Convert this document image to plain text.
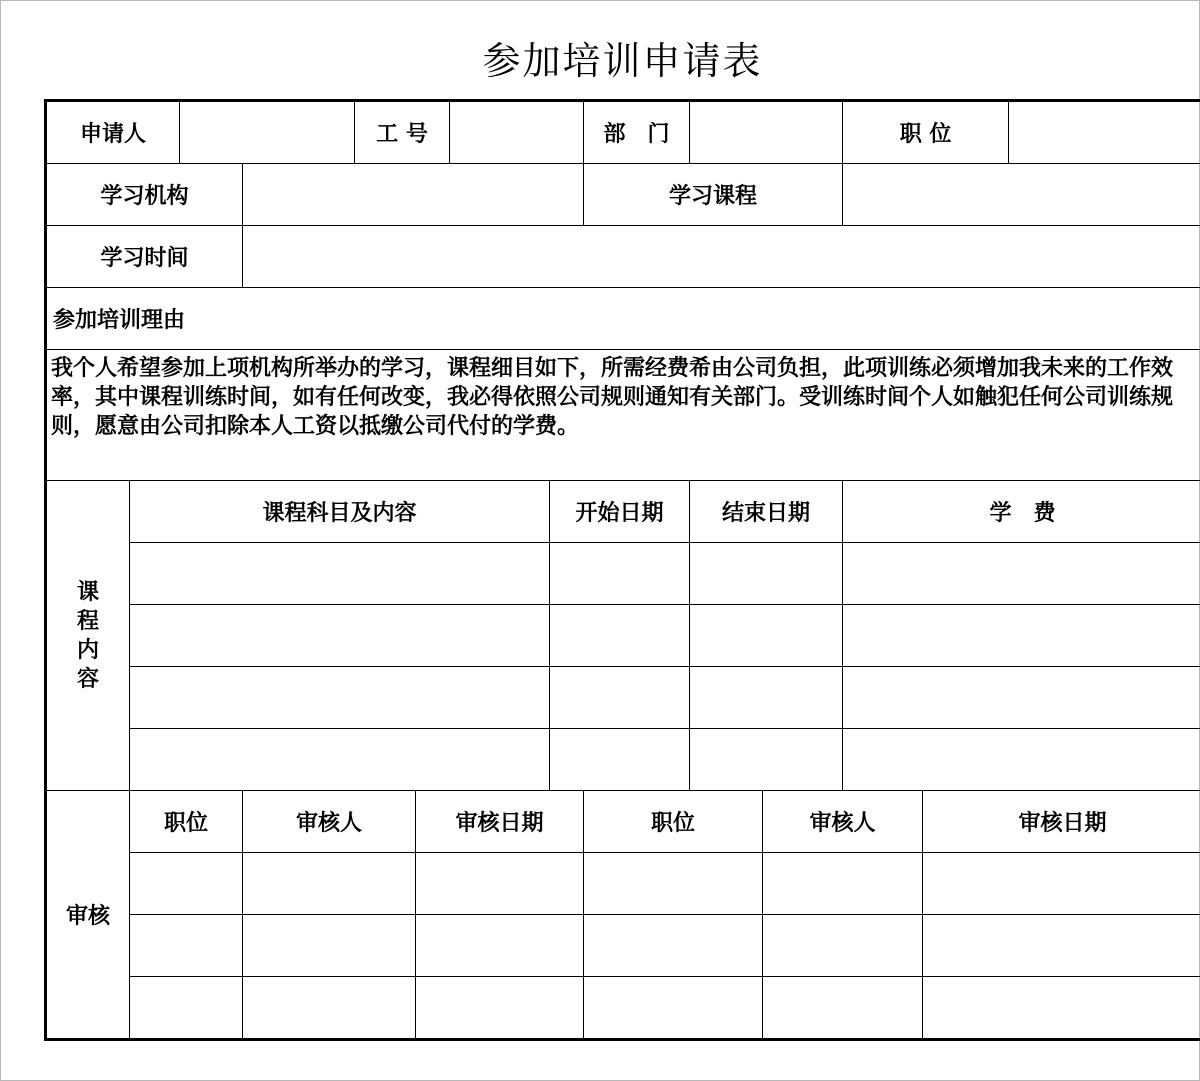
参加培训申请表
申请人				工 号				部　门			职 位		
学习机构								学习课程					
学习时间													
参加培训理由													
我个人希望参加上项机构所举办的学习，课程细目如下，所需经费希由公司负担，此项训练必须增加我未来的工作效率，其中课程训练时间，如有任何改变，我必得依照公司规则通知有关部门。受训练时间个人如触犯任何公司训练规则，愿意由公司扣除本人工资以抵缴公司代付的学费。													
课程内容	课程科目及内容						开始日期		结束日期		学　费		

审核	职位		审核人		审核日期			职位		审核人		审核日期	
